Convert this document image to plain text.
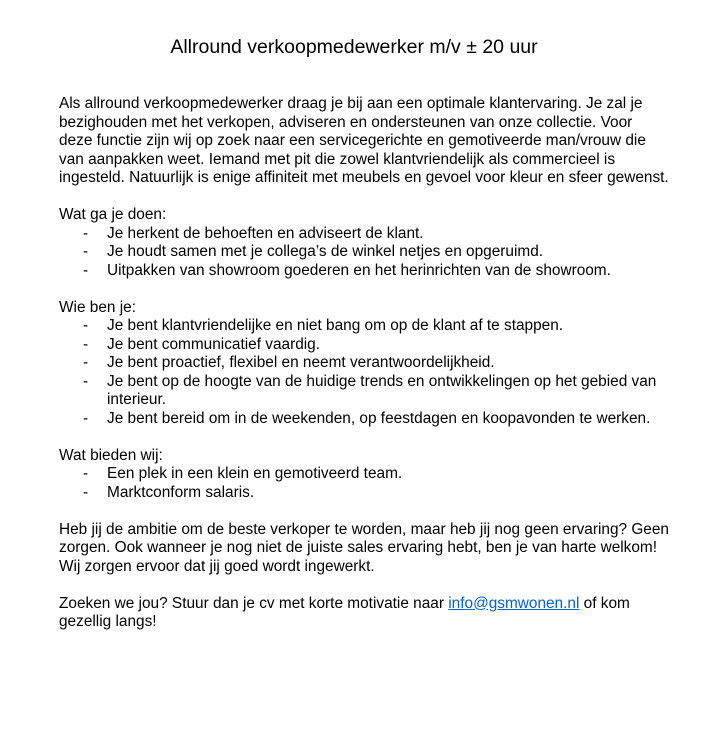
Allround verkoopmedewerker m/v ± 20 uur

Als allround verkoopmedewerker draag je bij aan een optimale klantervaring. Je zal je bezighouden met het verkopen, adviseren en ondersteunen van onze collectie. Voor deze functie zijn wij op zoek naar een servicegerichte en gemotiveerde man/vrouw die van aanpakken weet. Iemand met pit die zowel klantvriendelijk als commercieel is ingesteld. Natuurlijk is enige affiniteit met meubels en gevoel voor kleur en sfeer gewenst.

Wat ga je doen:

- Je herkent de behoeften en adviseert de klant.
- Je houdt samen met je collega’s de winkel netjes en opgeruimd.
- Uitpakken van showroom goederen en het herinrichten van de showroom.

Wie ben je:

- Je bent klantvriendelijke en niet bang om op de klant af te stappen.
- Je bent communicatief vaardig.
- Je bent proactief, flexibel en neemt verantwoordelijkheid.
- Je bent op de hoogte van de huidige trends en ontwikkelingen op het gebied van interieur.
- Je bent bereid om in de weekenden, op feestdagen en koopavonden te werken.

Wat bieden wij:

- Een plek in een klein en gemotiveerd team.
- Marktconform salaris.

Heb jij de ambitie om de beste verkoper te worden, maar heb jij nog geen ervaring? Geen zorgen. Ook wanneer je nog niet de juiste sales ervaring hebt, ben je van harte welkom! Wij zorgen ervoor dat jij goed wordt ingewerkt.

Zoeken we jou? Stuur dan je cv met korte motivatie naar info@gsmwonen.nl of kom gezellig langs!
